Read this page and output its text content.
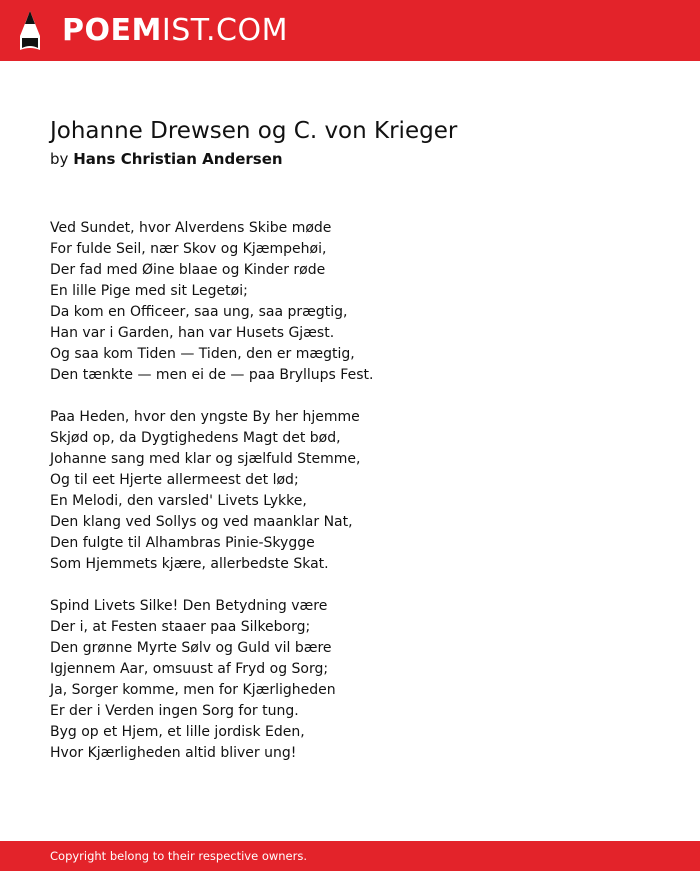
POEMIST.COM
Johanne Drewsen og C. von Krieger
by Hans Christian Andersen
Ved Sundet, hvor Alverdens Skibe møde
For fulde Seil, nær Skov og Kjæmpehøi,
Der fad med Øine blaae og Kinder røde
En lille Pige med sit Legetøi;
Da kom en Officeer, saa ung, saa prægtig,
Han var i Garden, han var Husets Gjæst.
Og saa kom Tiden — Tiden, den er mægtig,
Den tænkte — men ei de — paa Bryllups Fest.
Paa Heden, hvor den yngste By her hjemme
Skjød op, da Dygtighedens Magt det bød,
Johanne sang med klar og sjælfuld Stemme,
Og til eet Hjerte allermeest det lød;
En Melodi, den varsled' Livets Lykke,
Den klang ved Sollys og ved maanklar Nat,
Den fulgte til Alhambras Pinie-Skygge
Som Hjemmets kjære, allerbedste Skat.
Spind Livets Silke! Den Betydning være
Der i, at Festen staaer paa Silkeborg;
Den grønne Myrte Sølv og Guld vil bære
Igjennem Aar, omsuust af Fryd og Sorg;
Ja, Sorger komme, men for Kjærligheden
Er der i Verden ingen Sorg for tung.
Byg op et Hjem, et lille jordisk Eden,
Hvor Kjærligheden altid bliver ung!
Copyright belong to their respective owners.
